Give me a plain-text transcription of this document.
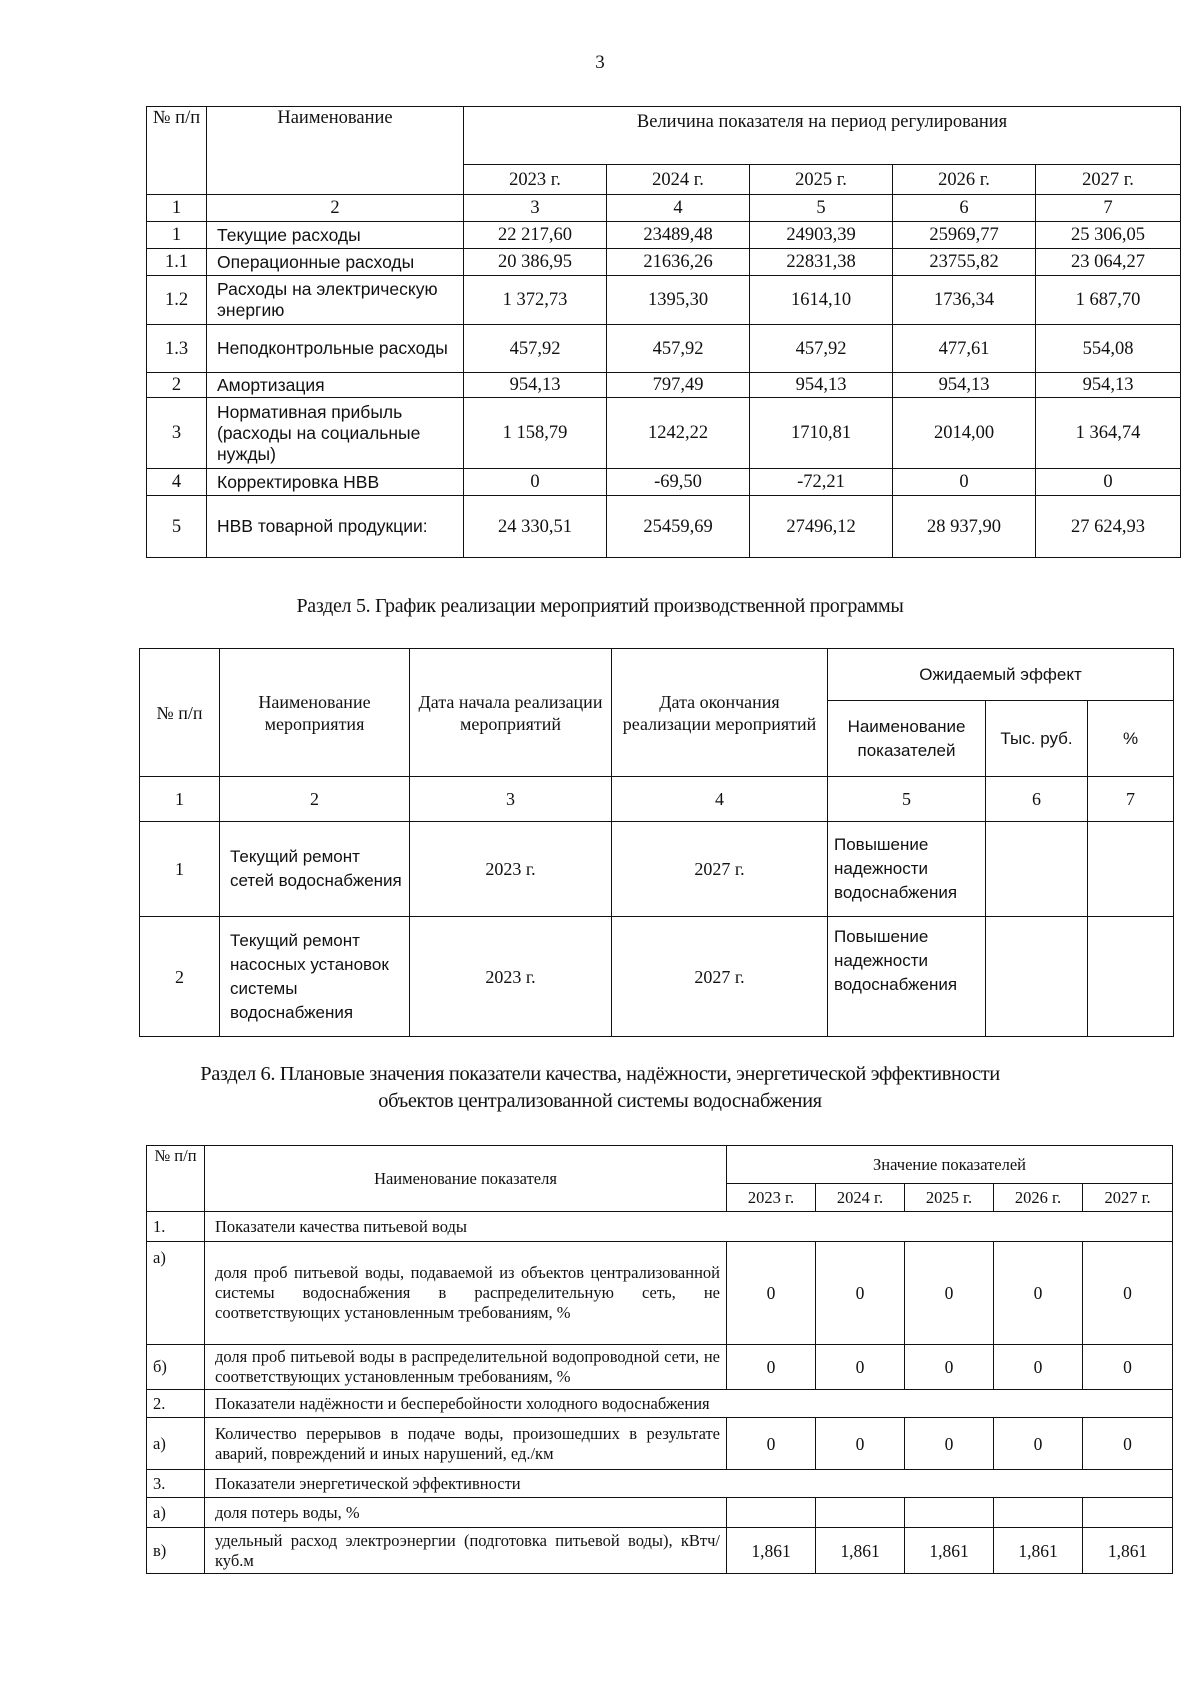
3
№ п/п	Наименование	Величина показателя на период регулирования				
		2023 г.	2024 г.	2025 г.	2026 г.	2027 г.
1	2	3	4	5	6	7
1	Текущие расходы	22 217,60	23489,48	24903,39	25969,77	25 306,05
1.1	Операционные расходы	20 386,95	21636,26	22831,38	23755,82	23 064,27
1.2	Расходы на электрическую энергию	1 372,73	1395,30	1614,10	1736,34	1 687,70
1.3	Неподконтрольные расходы	457,92	457,92	457,92	477,61	554,08
2	Амортизация	954,13	797,49	954,13	954,13	954,13
3	Нормативная прибыль (расходы на социальные нужды)	1 158,79	1242,22	1710,81	2014,00	1 364,74
4	Корректировка НВВ	0	-69,50	-72,21	0	0
5	НВВ товарной продукции:	24 330,51	25459,69	27496,12	28 937,90	27 624,93
Раздел 5. График реализации мероприятий производственной программы
№ п/п	Наименование мероприятия	Дата начала реализации мероприятий	Дата окончания реализации мероприятий	Ожидаемый эффект		
				Наименование показателей	Тыс. руб.	%
1	2	3	4	5	6	7
1	Текущий ремонт сетей водоснабжения	2023 г.	2027 г.	Повышение надежности водоснабжения		
2	Текущий ремонт насосных установок системы водоснабжения	2023 г.	2027 г.	Повышение надежности водоснабжения		
Раздел 6. Плановые значения показатели качества, надёжности, энергетической эффективности
объектов централизованной системы водоснабжения
№ п/п	Наименование показателя	Значение показателей				
		2023 г.	2024 г.	2025 г.	2026 г.	2027 г.
1.	Показатели качества питьевой воды					
а)	доля проб питьевой воды, подаваемой из объектов централизованной системы водоснабжения в распределительную сеть, не соответствующих установленным требованиям, %	0	0	0	0	0
б)	доля проб питьевой воды в распределительной водопроводной сети, не соответствующих установленным требованиям, %	0	0	0	0	0
2.	Показатели надёжности и бесперебойности холодного водоснабжения					
а)	Количество перерывов в подаче воды, произошедших в результате аварий, повреждений и иных нарушений, ед./км	0	0	0	0	0
3.	Показатели энергетической эффективности					
а)	доля потерь воды, %					
в)	удельный расход электроэнергии (подготовка питьевой воды), кВтч/куб.м	1,861	1,861	1,861	1,861	1,861
